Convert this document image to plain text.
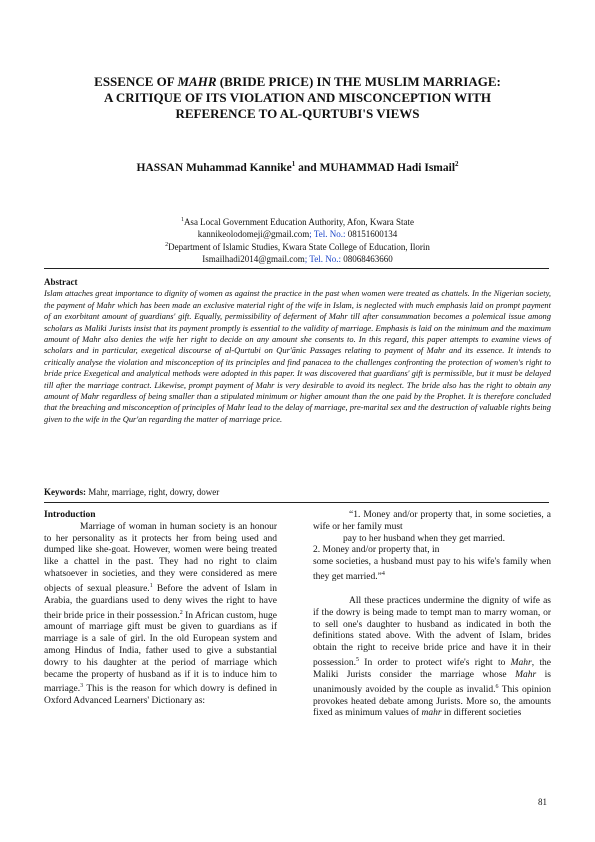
ESSENCE OF MAHR (BRIDE PRICE) IN THE MUSLIM MARRIAGE:
A CRITIQUE OF ITS VIOLATION AND MISCONCEPTION WITH
REFERENCE TO AL-QURTUBI'S VIEWS
HASSAN Muhammad Kannike$^1$ and MUHAMMAD Hadi Ismail$^2$
$^1$Asa Local Government Education Authority, Afon, Kwara State
kannikeolodomeji@gmail.com; Tel. No.: 08151600134
$^2$Department of Islamic Studies, Kwara State College of Education, Ilorin
Ismailhadi2014@gmail.com; Tel. No.: 08068463660
Abstract

Islam attaches great importance to dignity of women as against the practice in the past when women were treated as chattels. In the Nigerian society, the payment of Mahr which has been made an exclusive material right of the wife in Islam, is neglected with much emphasis laid on prompt payment of an exorbitant amount of guardians' gift. Equally, permissibility of deferment of Mahr till after consummation becomes a polemical issue among scholars as Maliki Jurists insist that its payment promptly is essential to the validity of marriage. Emphasis is laid on the minimum and the maximum amount of Mahr also denies the wife her right to decide on any amount she consents to. In this regard, this paper attempts to examine views of scholars and in particular, exegetical discourse of al-Qurtubi on Qur'ānic Passages relating to payment of Mahr and its essence. It intends to critically analyse the violation and misconception of its principles and find panacea to the challenges confronting the protection of women's right to bride price Exegetical and analytical methods were adopted in this paper. It was discovered that guardians' gift is permissible, but it must be delayed till after the marriage contract. Likewise, prompt payment of Mahr is very desirable to avoid its neglect. The bride also has the right to obtain any amount of Mahr regardless of being smaller than a stipulated minimum or higher amount than the one paid by the Prophet. It is therefore concluded that the breaching and misconception of principles of Mahr lead to the delay of marriage, pre-marital sex and the destruction of valuable rights being given to the wife in the Qur'an regarding the matter of marriage price.

Keywords: Mahr, marriage, right, dowry, dower
Introduction

Marriage of woman in human society is an honour to her personality as it protects her from being used and dumped like she-goat. However, women were being treated like a chattel in the past. They had no right to claim whatsoever in societies, and they were considered as mere objects of sexual pleasure.$^1$ Before the advent of Islam in Arabia, the guardians used to deny wives the right to have their bride price in their possession.$^2$ In African custom, huge amount of marriage gift must be given to guardians as if marriage is a sale of girl. In the old European system and among Hindus of India, father used to give a substantial dowry to his daughter at the period of marriage which became the property of husband as if it is to induce him to marriage.$^3$ This is the reason for which dowry is defined in Oxford Advanced Learners' Dictionary as:

“1. Money and/or property that, in some societies, a wife or her family must

pay to her husband when they get married.

2. Money and/or property that, in

some societies, a husband must pay to his wife's family when they get married.”$^4$

All these practices undermine the dignity of wife as if the dowry is being made to tempt man to marry woman, or to sell one's daughter to husband as indicated in both the definitions stated above. With the advent of Islam, brides obtain the right to receive bride price and have it in their possession.$^5$ In order to protect wife's right to Mahr, the Maliki Jurists consider the marriage whose Mahr is unanimously avoided by the couple as invalid.$^6$ This opinion provokes heated debate among Jurists. More so, the amounts fixed as minimum values of mahr in different societies

81
